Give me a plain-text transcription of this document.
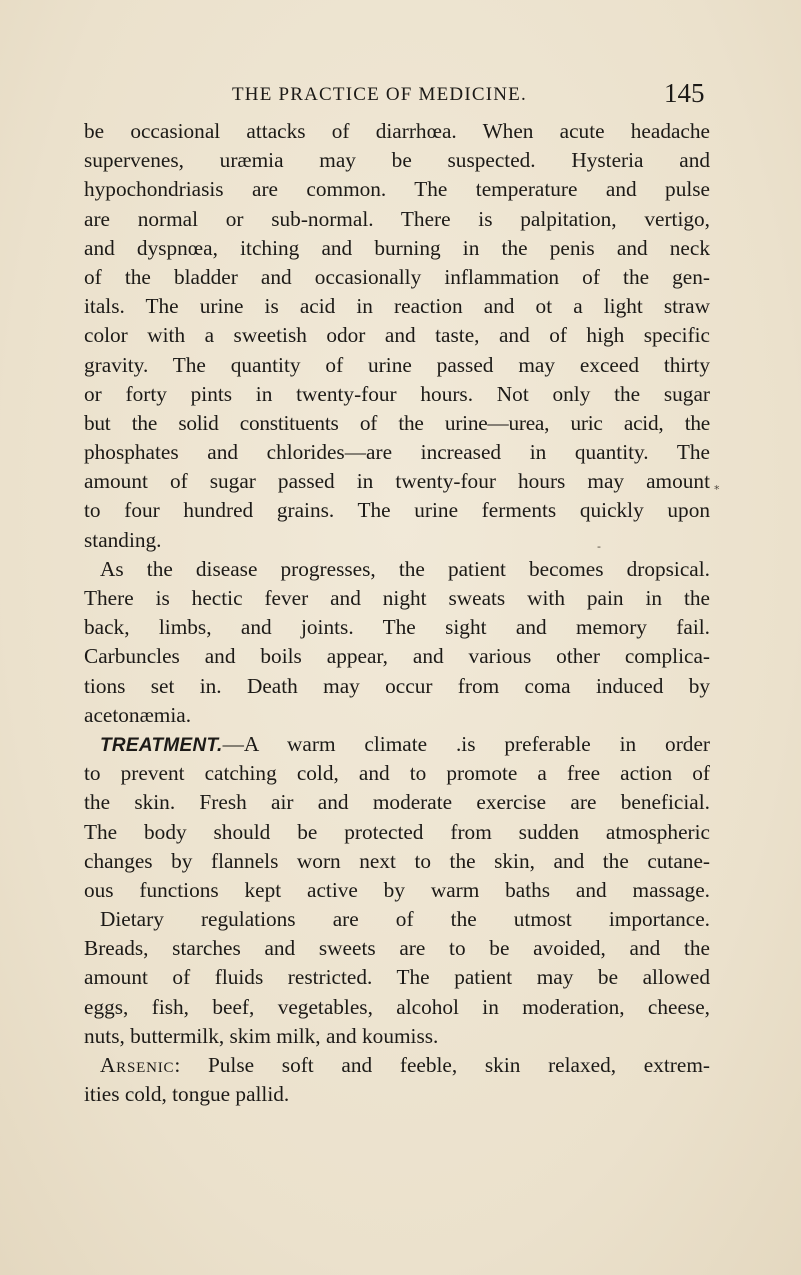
THE PRACTICE OF MEDICINE.	145
be occasional attacks of diarrhœa. When acute headache
supervenes, uræmia may be suspected. Hysteria and
hypochondriasis are common. The temperature and pulse
are normal or sub-normal. There is palpitation, vertigo,
and dyspnœa, itching and burning in the penis and neck
of the bladder and occasionally inflammation of the gen-
itals. The urine is acid in reaction and ot a light straw
color with a sweetish odor and taste, and of high specific
gravity. The quantity of urine passed may exceed thirty
or forty pints in twenty-four hours. Not only the sugar
but the solid constituents of the urine—urea, uric acid, the
phosphates and chlorides—are increased in quantity. The
amount of sugar passed in twenty-four hours may amount
to four hundred grains. The urine ferments quickly upon
standing.
As the disease progresses, the patient becomes dropsical.
There is hectic fever and night sweats with pain in the
back, limbs, and joints. The sight and memory fail.
Carbuncles and boils appear, and various other complica-
tions set in. Death may occur from coma induced by
acetonæmia.
TREATMENT.—A warm climate .is preferable in order
to prevent catching cold, and to promote a free action of
the skin. Fresh air and moderate exercise are beneficial.
The body should be protected from sudden atmospheric
changes by flannels worn next to the skin, and the cutane-
ous functions kept active by warm baths and massage.
Dietary regulations are of the utmost importance.
Breads, starches and sweets are to be avoided, and the
amount of fluids restricted. The patient may be allowed
eggs, fish, beef, vegetables, alcohol in moderation, cheese,
nuts, buttermilk, skim milk, and koumiss.
Arsenic: Pulse soft and feeble, skin relaxed, extrem-
ities cold, tongue pallid.
*
-
